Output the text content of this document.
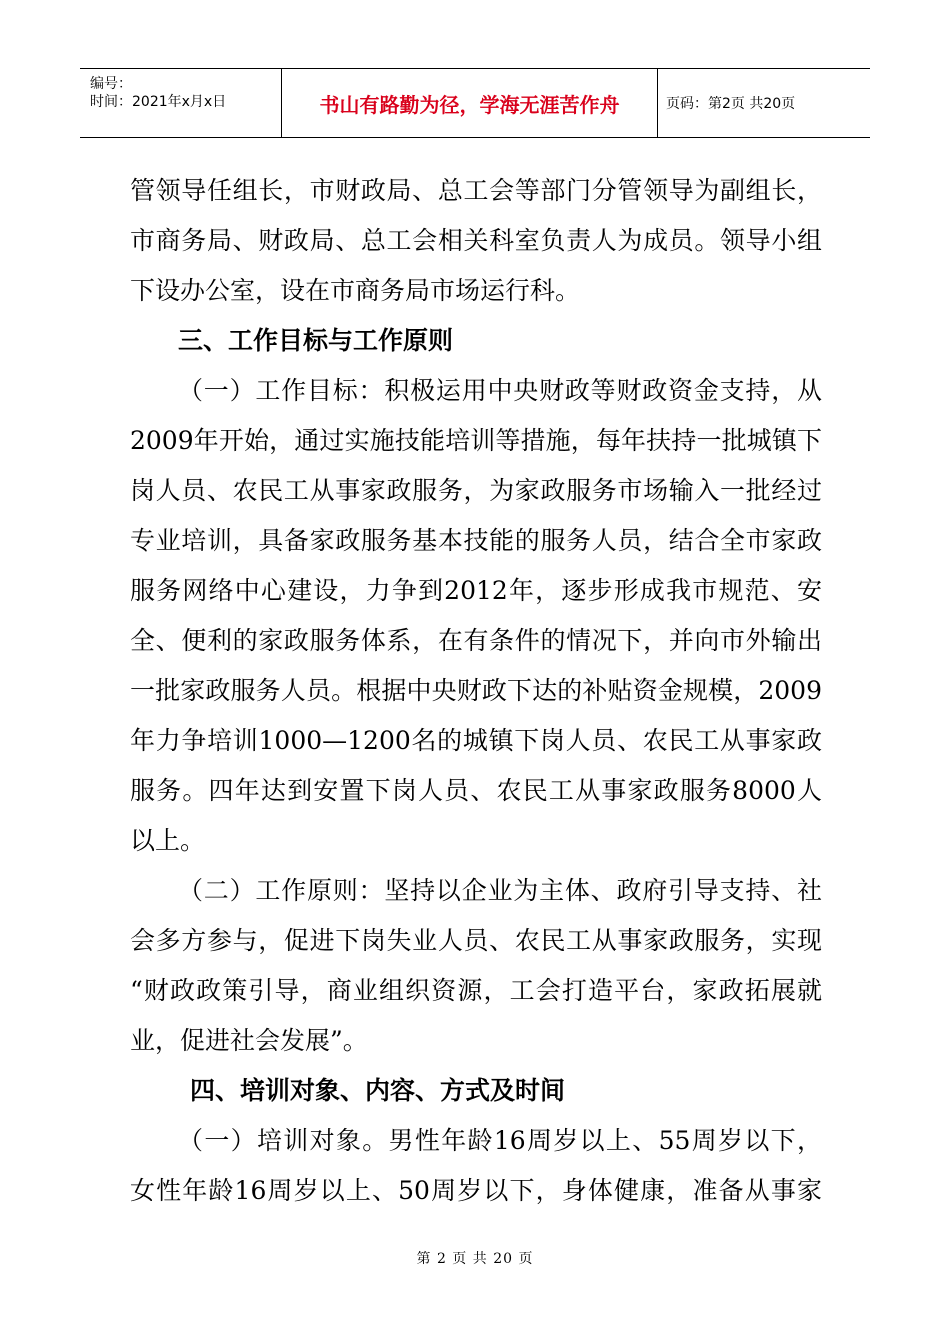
编号：
时间：2021年x月x日	书山有路勤为径，学海无涯苦作舟	页码：第2页 共20页
管领导任组长，市财政局、总工会等部门分管领导为副组长，
市商务局、财政局、总工会相关科室负责人为成员。领导小组
下设办公室，设在市商务局市场运行科。
三、工作目标与工作原则
（一）工作目标：积极运用中央财政等财政资金支持，从
2009年开始，通过实施技能培训等措施，每年扶持一批城镇下
岗人员、农民工从事家政服务，为家政服务市场输入一批经过
专业培训，具备家政服务基本技能的服务人员，结合全市家政
服务网络中心建设，力争到2012年，逐步形成我市规范、安
全、便利的家政服务体系，在有条件的情况下，并向市外输出
一批家政服务人员。根据中央财政下达的补贴资金规模，2009
年力争培训1000—1200名的城镇下岗人员、农民工从事家政
服务。四年达到安置下岗人员、农民工从事家政服务8000人
以上。
（二）工作原则：坚持以企业为主体、政府引导支持、社
会多方参与，促进下岗失业人员、农民工从事家政服务，实现
“财政政策引导，商业组织资源，工会打造平台，家政拓展就
业，促进社会发展”。
四、培训对象、内容、方式及时间
（一）培训对象。男性年龄16周岁以上、55周岁以下，
女性年龄16周岁以上、50周岁以下，身体健康，准备从事家
第 2 页 共 20 页
